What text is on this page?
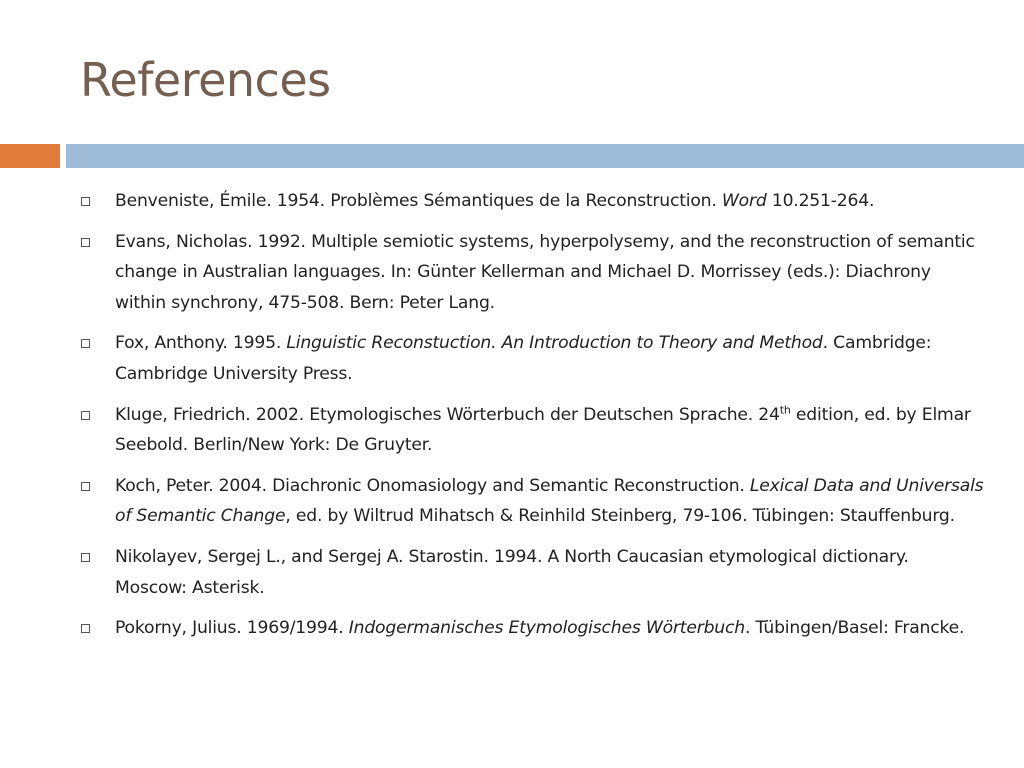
References
Benveniste, Émile. 1954. Problèmes Sémantiques de la Reconstruction. Word 10.251-264.
Evans, Nicholas. 1992. Multiple semiotic systems, hyperpolysemy, and the reconstruction of semantic change in Australian languages. In: Günter Kellerman and Michael D. Morrissey (eds.): Diachrony within synchrony, 475-508. Bern: Peter Lang.
Fox, Anthony. 1995. Linguistic Reconstuction. An Introduction to Theory and Method. Cambridge: Cambridge University Press.
Kluge, Friedrich. 2002. Etymologisches Wörterbuch der Deutschen Sprache. 24th edition, ed. by Elmar Seebold. Berlin/New York: De Gruyter.
Koch, Peter. 2004. Diachronic Onomasiology and Semantic Reconstruction. Lexical Data and Universals of Semantic Change, ed. by Wiltrud Mihatsch & Reinhild Steinberg, 79-106. Tübingen: Stauffenburg.
Nikolayev, Sergej L., and Sergej A. Starostin. 1994. A North Caucasian etymological dictionary. Moscow: Asterisk.
Pokorny, Julius. 1969/1994. Indogermanisches Etymologisches Wörterbuch. Tübingen/Basel: Francke.
